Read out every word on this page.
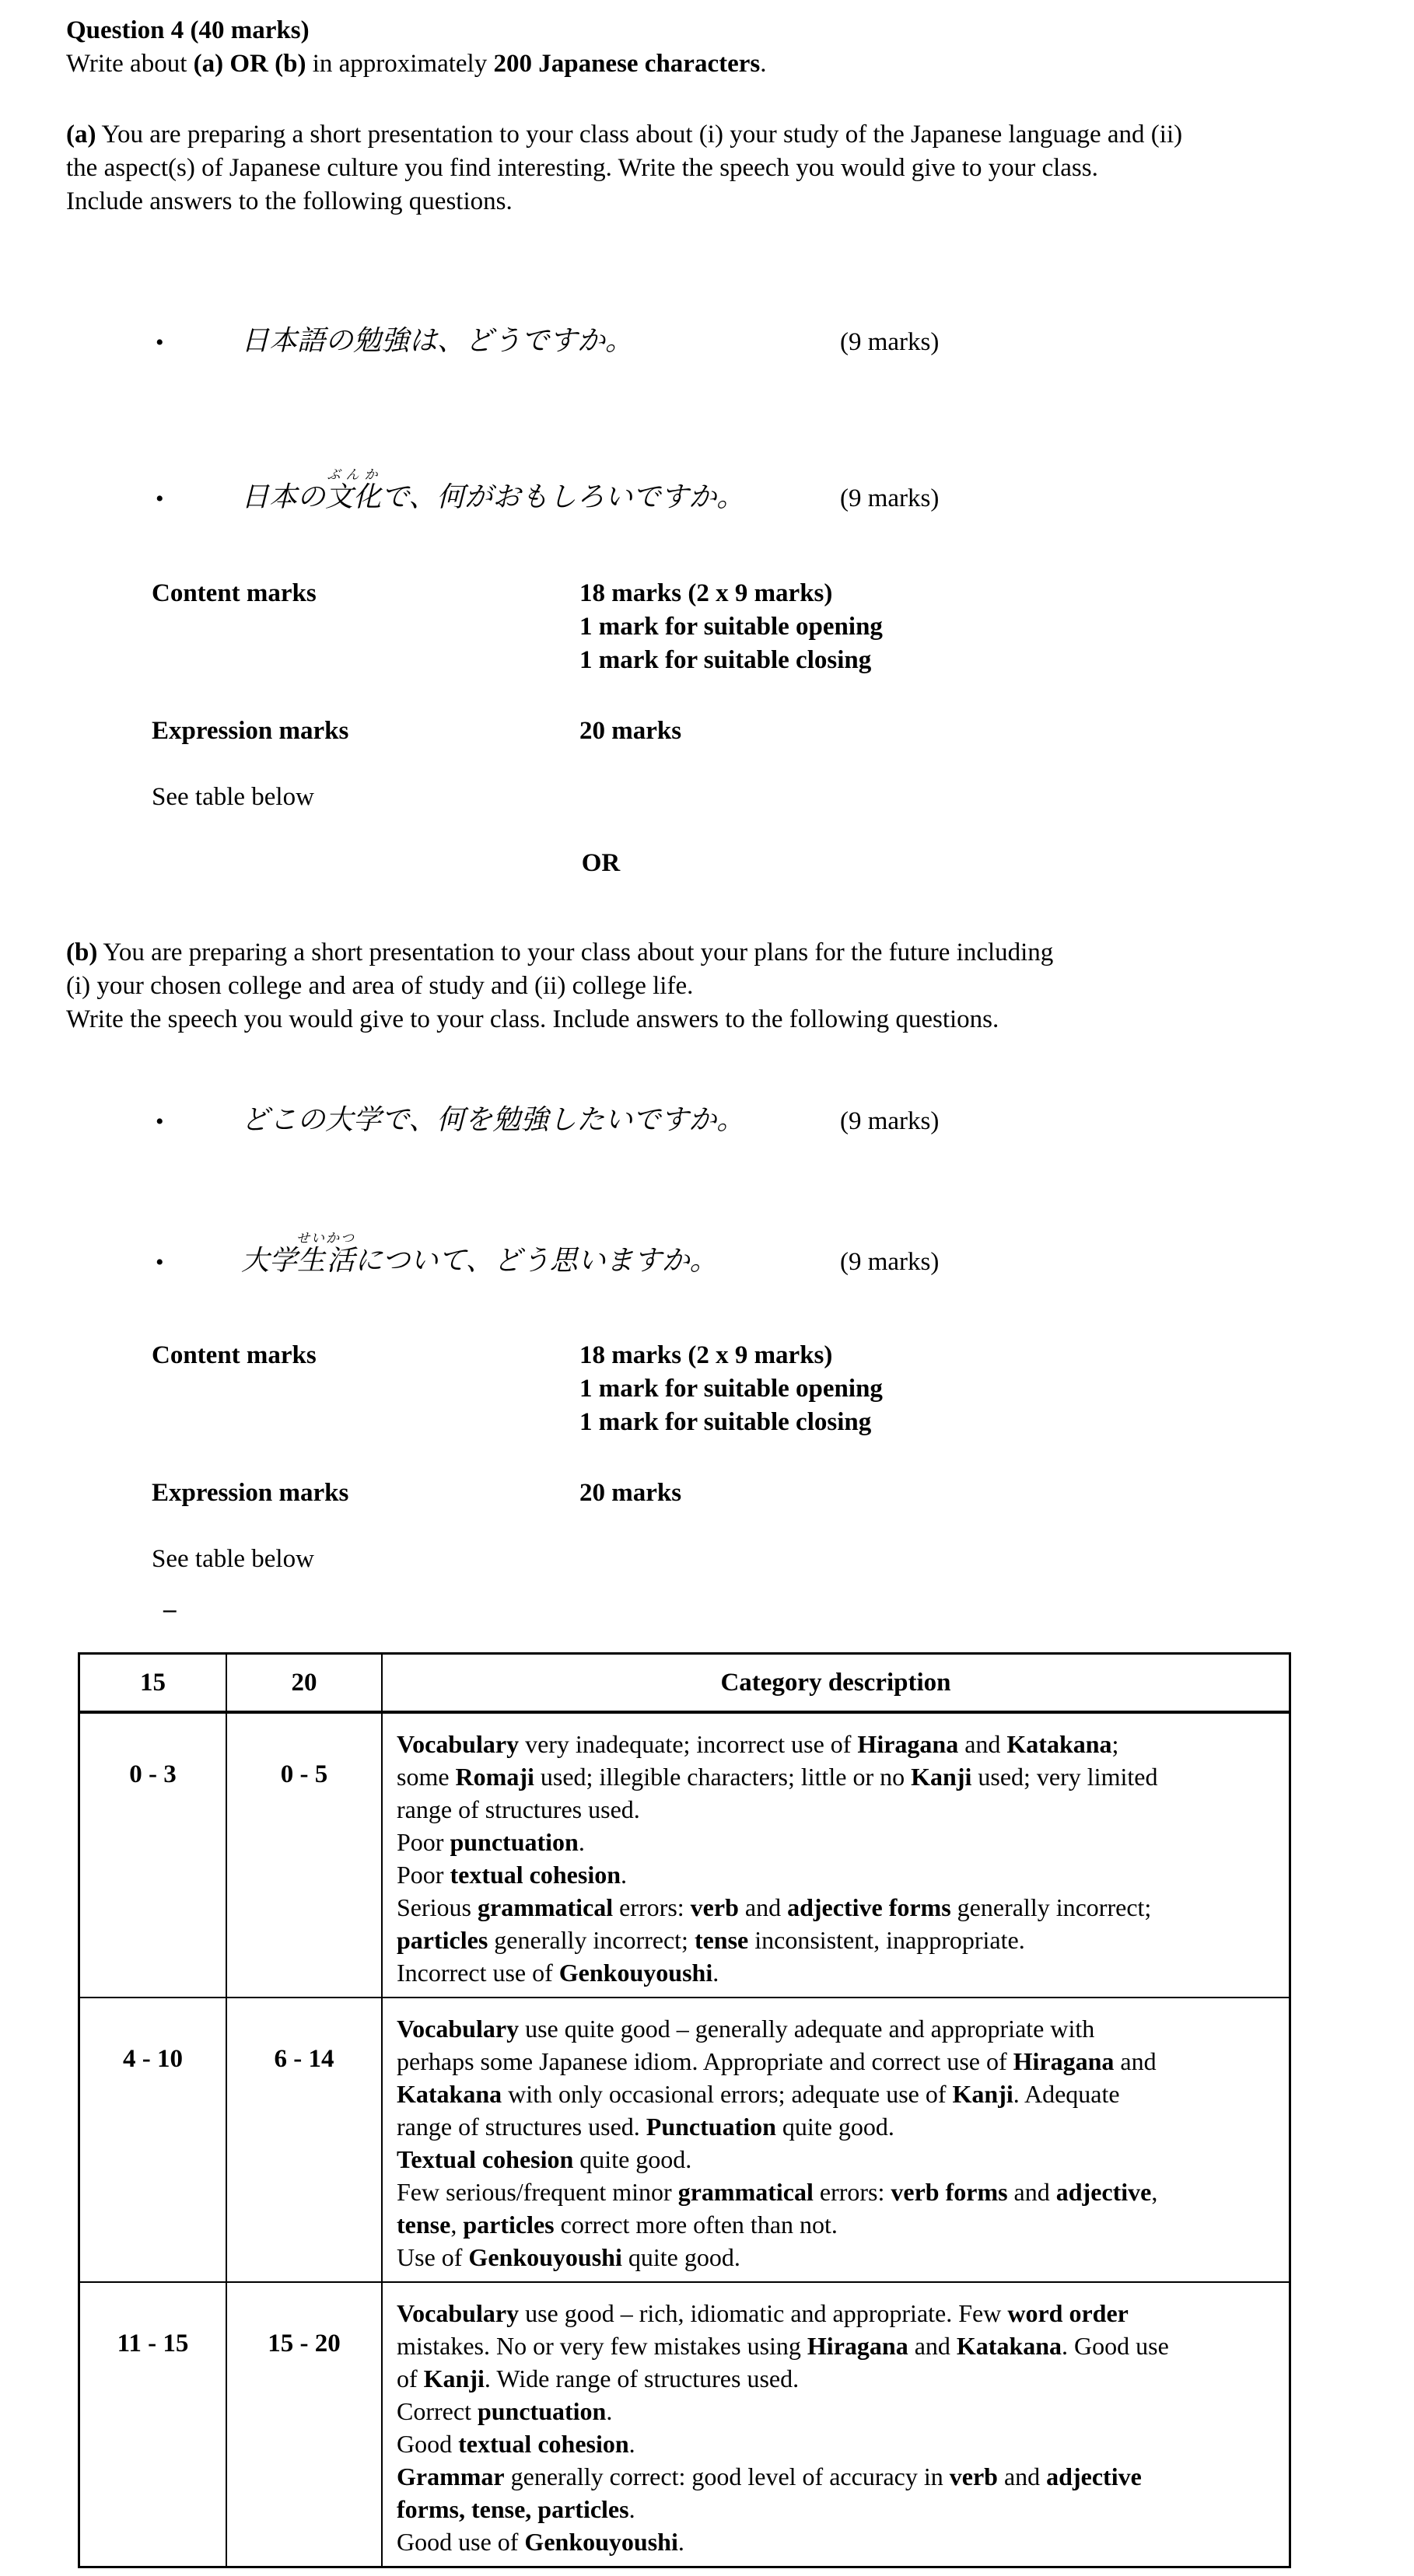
Question 4 (40 marks)
Write about (a) OR (b) in approximately 200 Japanese characters.
(a) You are preparing a short presentation to your class about (i) your study of the Japanese language and (ii)
the aspect(s) of Japanese culture you find interesting. Write the speech you would give to your class.
Include answers to the following questions.
•	日本語の勉強は、どうですか。	(9 marks)
•	日本の文化ぶんかで、何がおもしろいですか。	(9 marks)
Content marks	18 marks (2 x 9 marks)
1 mark for suitable opening
1 mark for suitable closing
Expression marks	20 marks
See table below
OR
(b) You are preparing a short presentation to your class about your plans for the future including
(i) your chosen college and area of study and (ii) college life.
Write the speech you would give to your class. Include answers to the following questions.
•	どこの大学で、何を勉強したいですか。	(9 marks)
•	大学生活せいかつについて、どう思いますか。	(9 marks)
Content marks	18 marks (2 x 9 marks)
1 mark for suitable opening
1 mark for suitable closing
Expression marks	20 marks
See table below
–
15	20	Category description
0 - 3	0 - 5	
Vocabulary very inadequate; incorrect use of Hiragana and Katakana;
some Romaji used; illegible characters; little or no Kanji used; very limited
range of structures used.
Poor punctuation.
Poor textual cohesion.
Serious grammatical errors: verb and adjective forms generally incorrect;
particles generally incorrect; tense inconsistent, inappropriate.
Incorrect use of Genkouyoushi.

4 - 10	6 - 14	
Vocabulary use quite good – generally adequate and appropriate with
perhaps some Japanese idiom. Appropriate and correct use of Hiragana and
Katakana with only occasional errors; adequate use of Kanji. Adequate
range of structures used. Punctuation quite good.
Textual cohesion quite good.
Few serious/frequent minor grammatical errors: verb forms and adjective,
tense, particles correct more often than not.
Use of Genkouyoushi quite good.

11 - 15	15 - 20	
Vocabulary use good – rich, idiomatic and appropriate. Few word order
mistakes. No or very few mistakes using Hiragana and Katakana. Good use
of Kanji. Wide range of structures used.
Correct punctuation.
Good textual cohesion.
Grammar generally correct: good level of accuracy in verb and adjective
forms, tense, particles.
Good use of Genkouyoushi.
